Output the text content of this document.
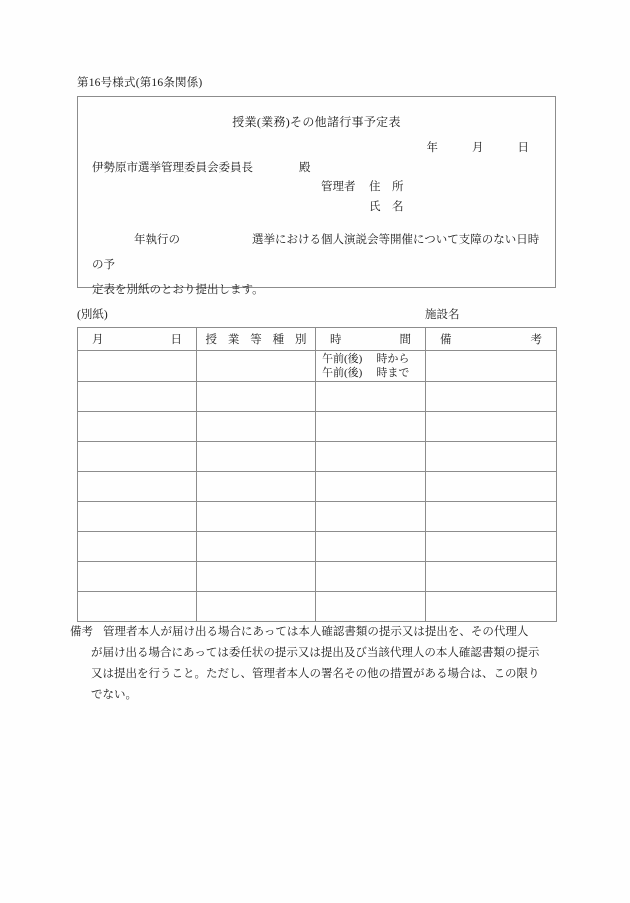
第16号様式(第16条関係)
授業(業務)その他諸行事予定表
年	月	日
伊勢原市選挙管理委員会委員長	殿
管理者 住　所
氏　名
年執行の	選挙における個人演説会等開催について支障のない日時の予
定表を別紙のとおり提出します。
(別紙)	施設名
月 日	授 業 等 種 別	時 間	備 考

		午前(後) 時から
午前(後) 時まで	

備考 管理者本人が届け出る場合にあっては本人確認書類の提示又は提出を、その代理人
が届け出る場合にあっては委任状の提示又は提出及び当該代理人の本人確認書類の提示
又は提出を行うこと。ただし、管理者本人の署名その他の措置がある場合は、この限り
でない。
